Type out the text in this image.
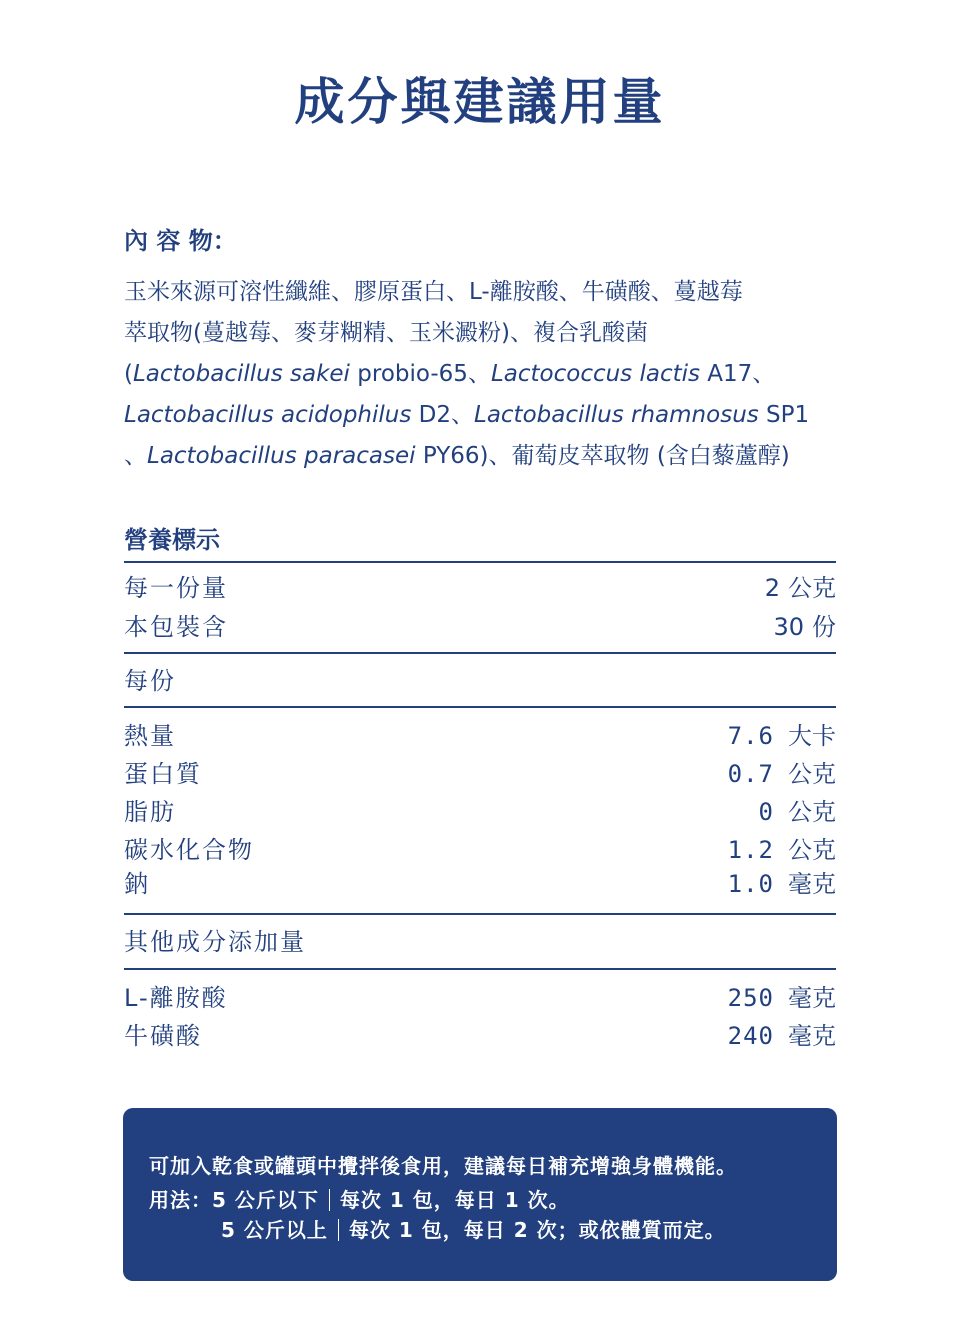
成分與建議用量
內 容 物：
玉米來源可溶性纖維、膠原蛋白、L-離胺酸、牛磺酸、蔓越莓
萃取物(蔓越莓、麥芽糊精、玉米澱粉)、複合乳酸菌
(Lactobacillus sakei probio-65、Lactococcus lactis A17、
Lactobacillus acidophilus D2、Lactobacillus rhamnosus SP1
、Lactobacillus paracasei PY66)、葡萄皮萃取物 (含白藜蘆醇)
營養標示
每一份量	2 公克
本包裝含	30 份
每份
熱量	7.6 大卡
蛋白質	0.7 公克
脂肪	0 公克
碳水化合物	1.2 公克
鈉	1.0 毫克
其他成分添加量
L-離胺酸	250 毫克
牛磺酸	240 毫克
可加入乾食或罐頭中攪拌後食用，建議每日補充增強身體機能。
用法：5 公斤以下 每次 1 包，每日 1 次。
5 公斤以上 每次 1 包，每日 2 次；或依體質而定。
